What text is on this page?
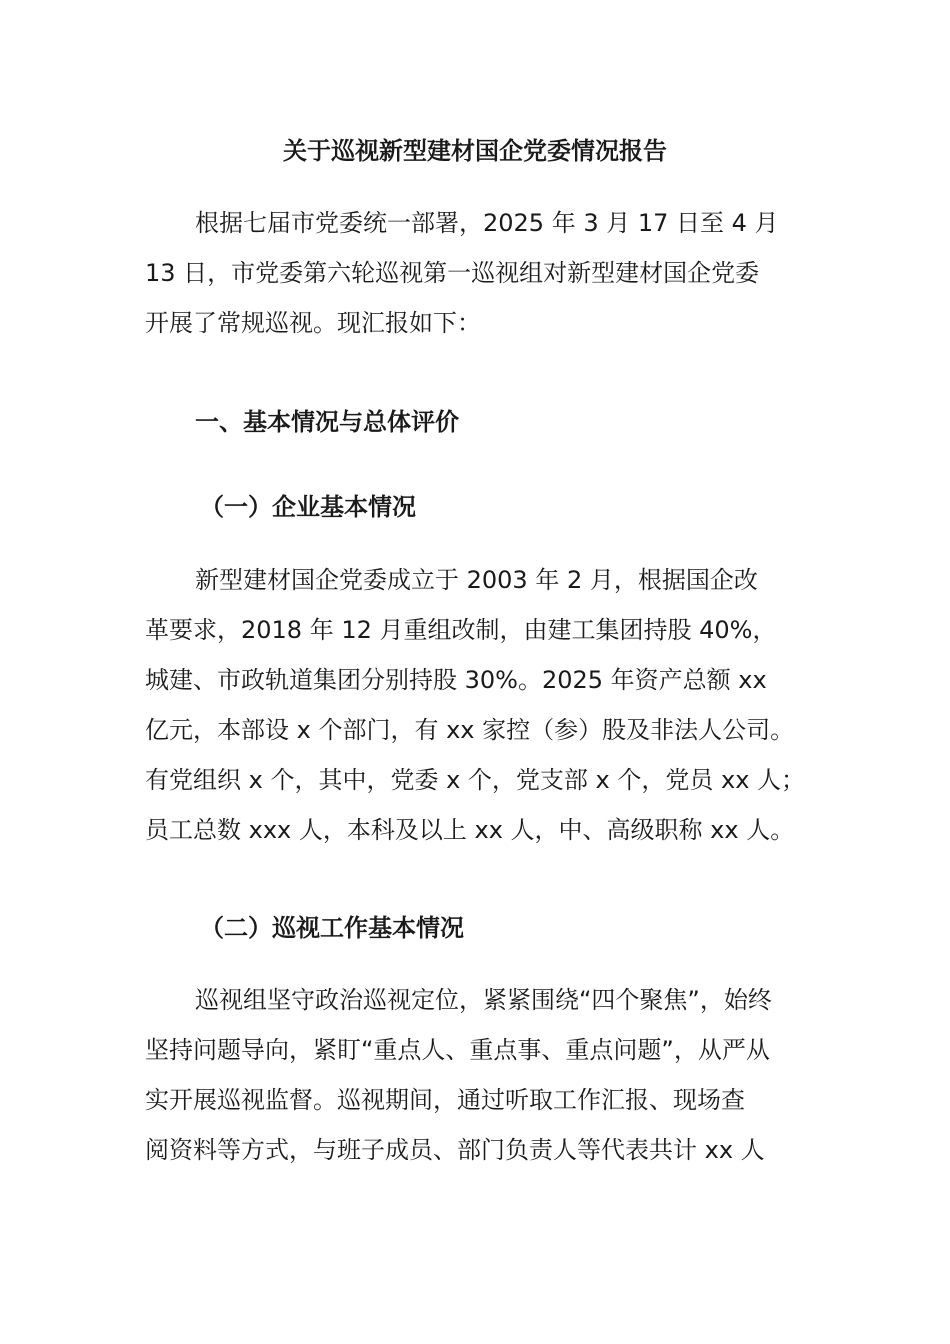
关于巡视新型建材国企党委情况报告
根据七届市党委统一部署，2025 年 3 月 17 日至 4 月
13 日，市党委第六轮巡视第一巡视组对新型建材国企党委
开展了常规巡视。现汇报如下：
一、基本情况与总体评价
（一）企业基本情况
新型建材国企党委成立于 2003 年 2 月，根据国企改
革要求，2018 年 12 月重组改制，由建工集团持股 40%，
城建、市政轨道集团分别持股 30%。2025 年资产总额 xx
亿元，本部设 x 个部门，有 xx 家控（参）股及非法人公司。
有党组织 x 个，其中，党委 x 个，党支部 x 个，党员 xx 人；
员工总数 xxx 人，本科及以上 xx 人，中、高级职称 xx 人。
（二）巡视工作基本情况
巡视组坚守政治巡视定位，紧紧围绕“四个聚焦”，始终
坚持问题导向，紧盯“重点人、重点事、重点问题”，从严从
实开展巡视监督。巡视期间，通过听取工作汇报、现场查
阅资料等方式，与班子成员、部门负责人等代表共计 xx 人
